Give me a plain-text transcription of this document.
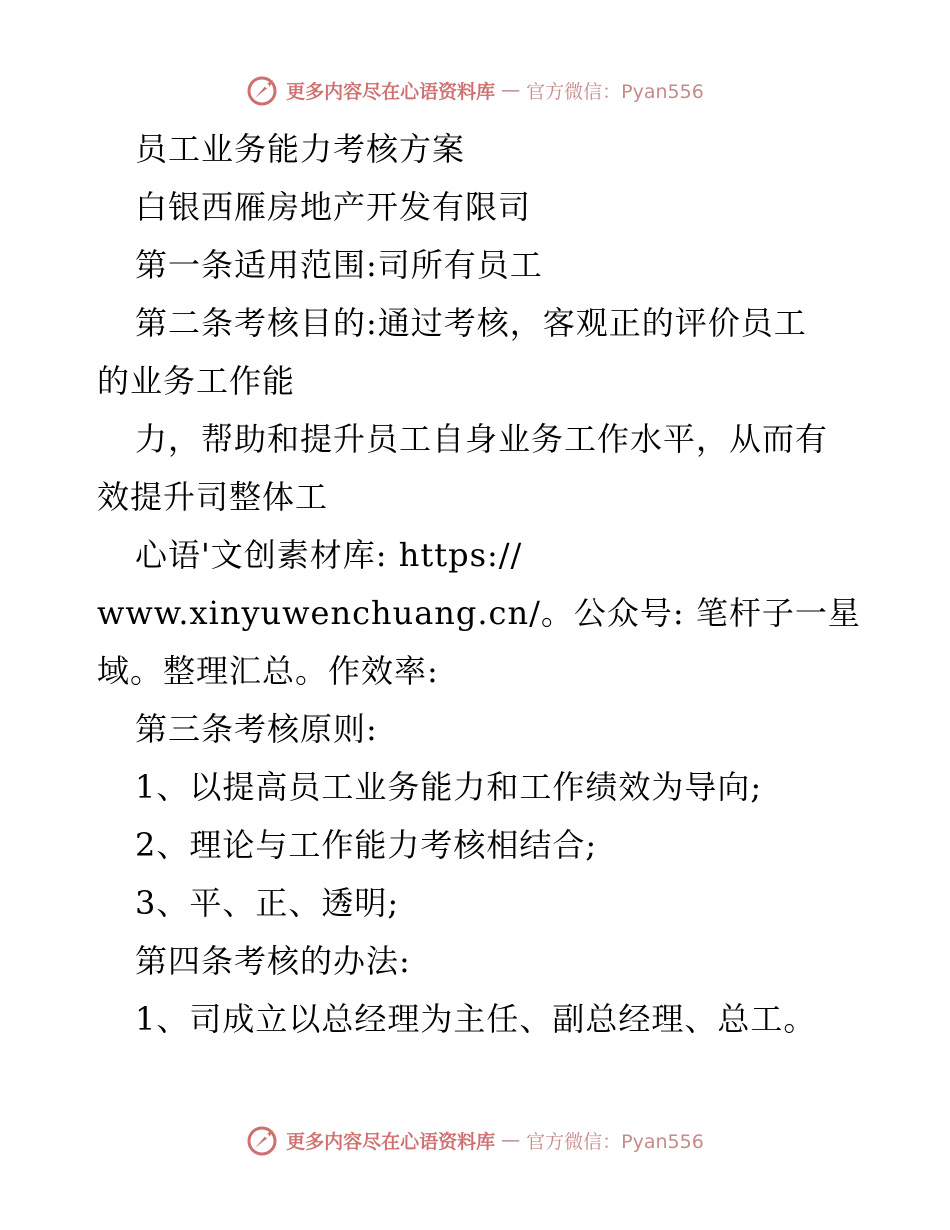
更多内容尽在心语资料库 — 官方微信：Pyan556
员工业务能力考核方案
白银西雁房地产开发有限司
第一条适用范围:司所有员工
第二条考核目的:通过考核，客观正的评价员工
的业务工作能
力，帮助和提升员工自身业务工作水平，从而有
效提升司整体工
心语'文创素材库: https://
www.xinyuwenchuang.cn/。公众号: 笔杆子一星
域。整理汇总。作效率:
第三条考核原则:
1、以提高员工业务能力和工作绩效为导向;
2、理论与工作能力考核相结合;
3、平、正、透明;
第四条考核的办法:
1、司成立以总经理为主任、副总经理、总工。
更多内容尽在心语资料库 — 官方微信：Pyan556
